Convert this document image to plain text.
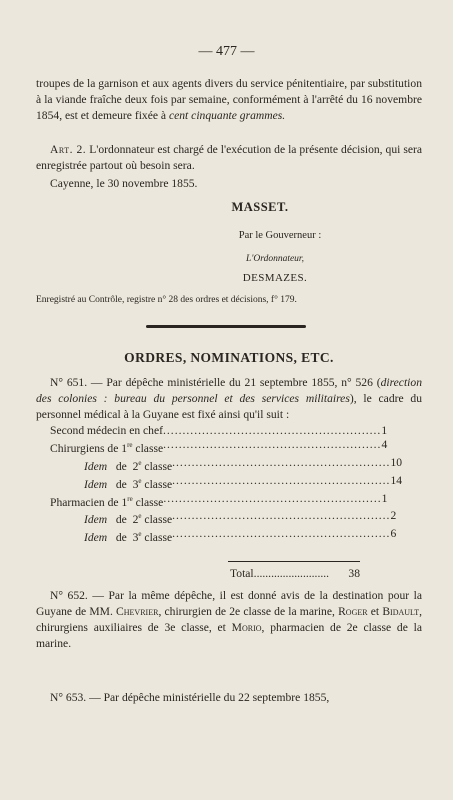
— 477 —

troupes de la garnison et aux agents divers du service pénitentiaire, par substitution à la viande fraîche deux fois par semaine, conformément à l'arrêté du 16 novembre 1854, est et demeure fixée à cent cinquante grammes.

Art. 2. L'ordonnateur est chargé de l'exécution de la présente décision, qui sera enregistrée partout où besoin sera.

Cayenne, le 30 novembre 1855.

MASSET.
Par le Gouverneur :
L'Ordonnateur,
DESMAZES.
Enregistré au Contrôle, registre n° 28 des ordres et décisions, f° 179.
ORDRES, NOMINATIONS, ETC.

N° 651. — Par dépêche ministérielle du 21 septembre 1855, n° 526 (direction des colonies : bureau du personnel et des services militaires), le cadre du personnel médical à la Guyane est fixé ainsi qu'il suit :

Second médecin en chef ........................................................ 1
Chirurgiens de 1re classe ........................................................ 4
Idem   de  2e classe ........................................................ 10
Idem   de  3e classe ........................................................ 14
Pharmacien de 1re classe ........................................................ 1
Idem   de  2e classe ........................................................ 2
Idem   de  3e classe ........................................................ 6
Total ..........................	38

N° 652. — Par la même dépêche, il est donné avis de la destination pour la Guyane de MM. Chevrier, chirurgien de 2e classe de la marine, Roger et Bidault, chirurgiens auxiliaires de 3e classe, et Morio, pharmacien de 2e classe de la marine.

N° 653. — Par dépêche ministérielle du 22 septembre 1855,
